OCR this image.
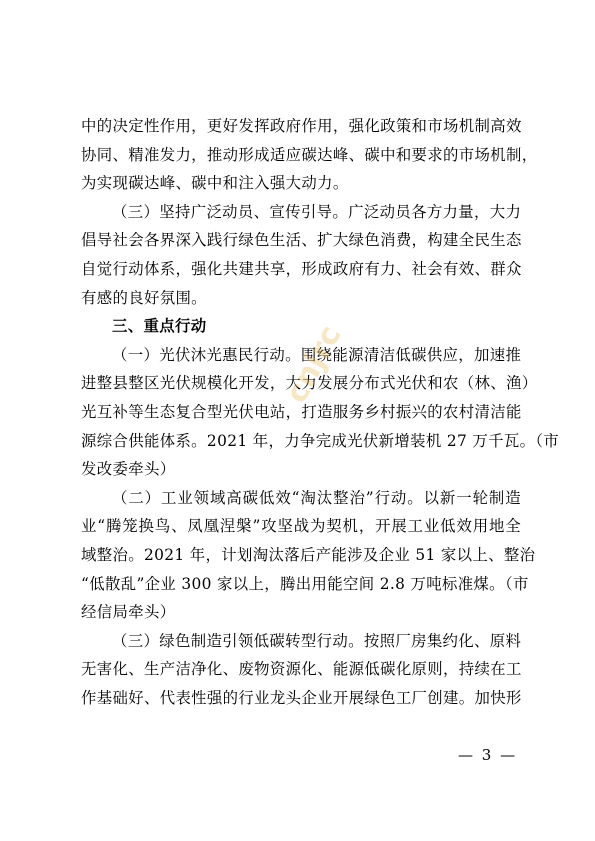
中的决定性作用，更好发挥政府作用，强化政策和市场机制高效
协同、精准发力，推动形成适应碳达峰、碳中和要求的市场机制，
为实现碳达峰、碳中和注入强大动力。
（三）坚持广泛动员、宣传引导。广泛动员各方力量，大力
倡导社会各界深入践行绿色生活、扩大绿色消费，构建全民生态
自觉行动体系，强化共建共享，形成政府有力、社会有效、群众
有感的良好氛围。
三、重点行动
（一）光伏沐光惠民行动。围绕能源清洁低碳供应，加速推
进整县整区光伏规模化开发，大力发展分布式光伏和农（林、渔）
光互补等生态复合型光伏电站，打造服务乡村振兴的农村清洁能
源综合供能体系。2021 年，力争完成光伏新增装机 27 万千瓦。（市
发改委牵头）
（二）工业领域高碳低效“淘汰整治”行动。以新一轮制造
业“腾笼换鸟、凤凰涅槃”攻坚战为契机，开展工业低效用地全
域整治。2021 年，计划淘汰落后产能涉及企业 51 家以上、整治
“低散乱”企业 300 家以上，腾出用能空间 2.8 万吨标准煤。（市
经信局牵头）
（三）绿色制造引领低碳转型行动。按照厂房集约化、原料
无害化、生产洁净化、废物资源化、能源低碳化原则，持续在工
作基础好、代表性强的行业龙头企业开展绿色工厂创建。加快形
cnjrc
— 3 —
